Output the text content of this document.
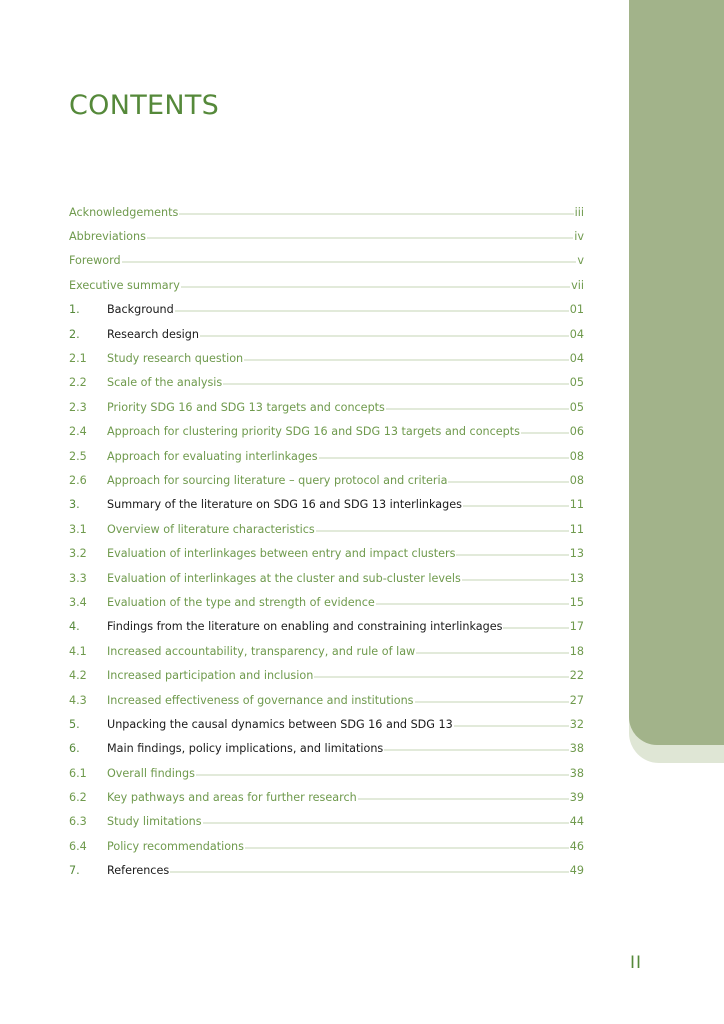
CONTENTS
Acknowledgements	iii
Abbreviations	iv
Foreword	v
Executive summary	vii
1.	Background	01
2.	Research design	04
2.1	Study research question	04
2.2	Scale of the analysis	05
2.3	Priority SDG 16 and SDG 13 targets and concepts	05
2.4	Approach for clustering priority SDG 16 and SDG 13 targets and concepts	06
2.5	Approach for evaluating interlinkages	08
2.6	Approach for sourcing literature – query protocol and criteria	08
3.	Summary of the literature on SDG 16 and SDG 13 interlinkages	11
3.1	Overview of literature characteristics	11
3.2	Evaluation of interlinkages between entry and impact clusters	13
3.3	Evaluation of interlinkages at the cluster and sub-cluster levels	13
3.4	Evaluation of the type and strength of evidence	15
4.	Findings from the literature on enabling and constraining interlinkages	17
4.1	Increased accountability, transparency, and rule of law	18
4.2	Increased participation and inclusion	22
4.3	Increased effectiveness of governance and institutions	27
5.	Unpacking the causal dynamics between SDG 16 and SDG 13	32
6.	Main findings, policy implications, and limitations	38
6.1	Overall findings	38
6.2	Key pathways and areas for further research	39
6.3	Study limitations	44
6.4	Policy recommendations	46
7.	References	49
II
